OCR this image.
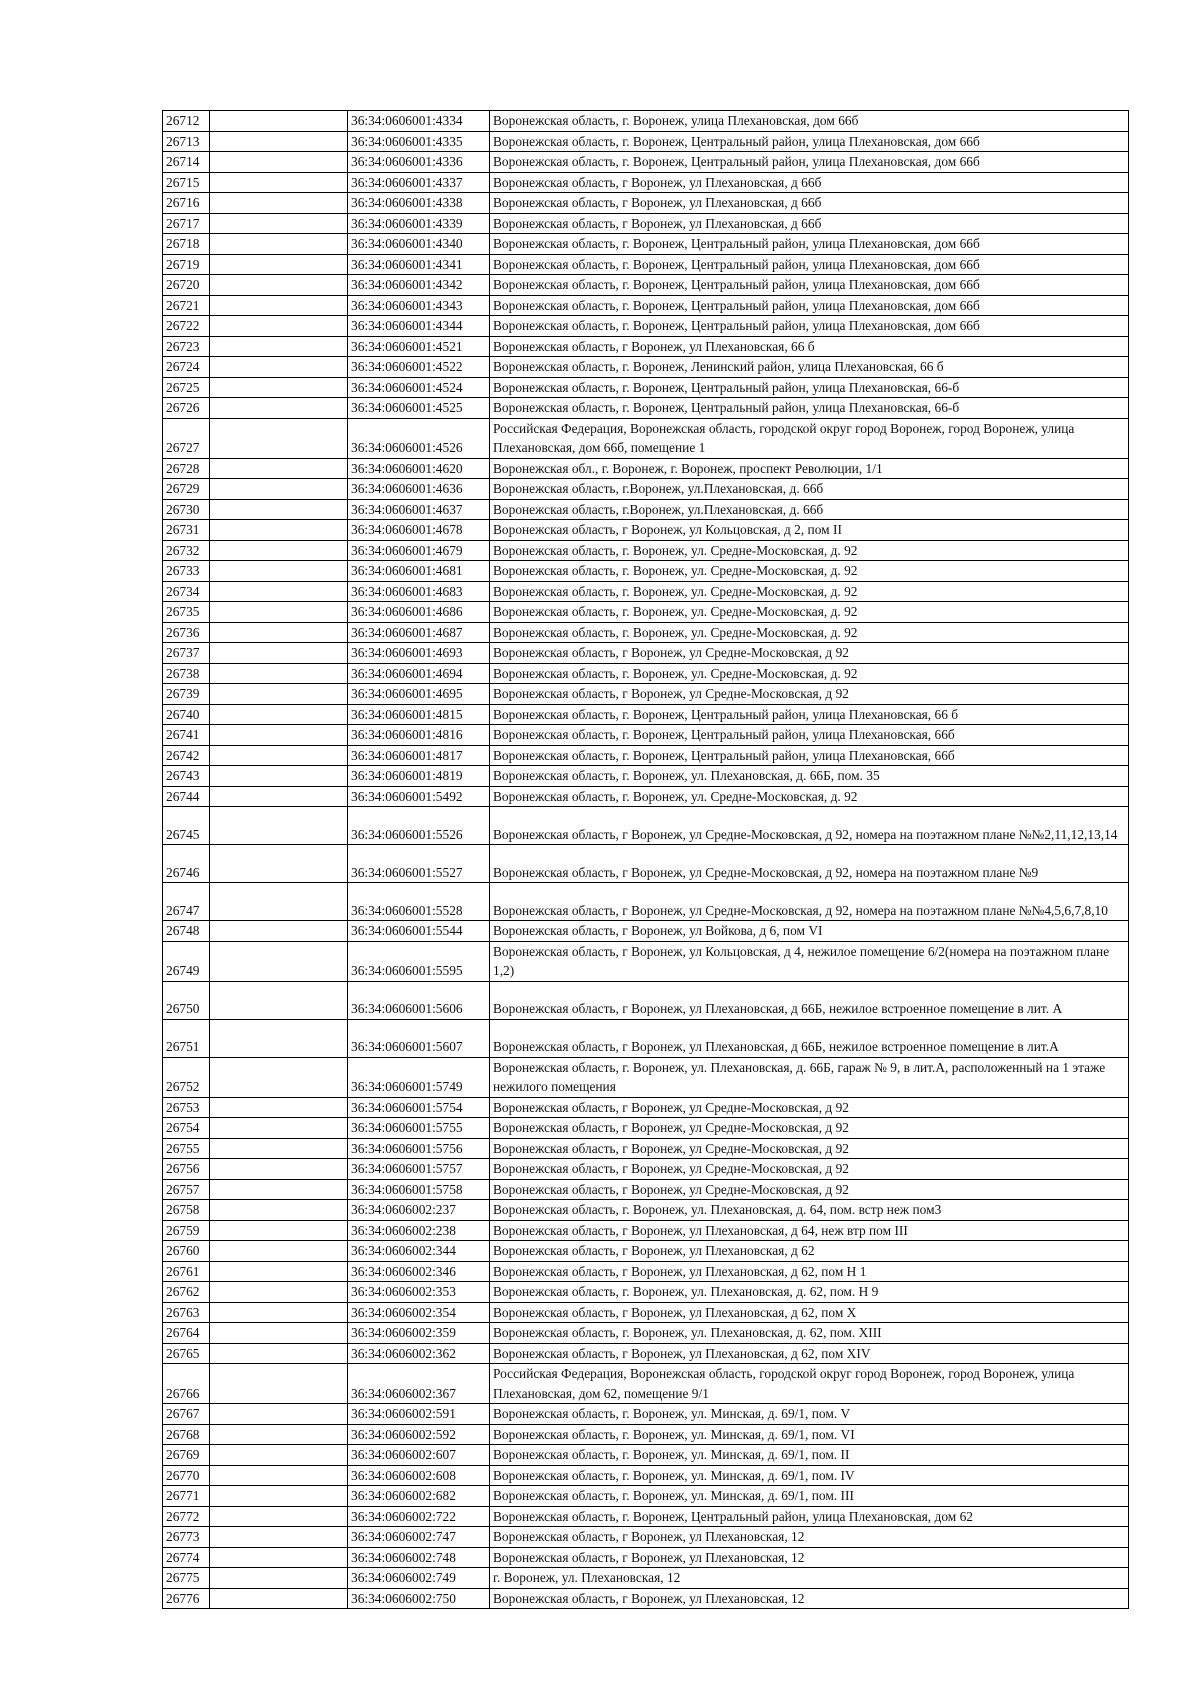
26712		36:34:0606001:4334	Воронежская область, г. Воронеж, улица Плехановская, дом 66б
26713		36:34:0606001:4335	Воронежская область, г. Воронеж, Центральный район, улица Плехановская, дом 66б
26714		36:34:0606001:4336	Воронежская область, г. Воронеж, Центральный район, улица Плехановская, дом 66б
26715		36:34:0606001:4337	Воронежская область, г Воронеж, ул Плехановская, д 66б
26716		36:34:0606001:4338	Воронежская область, г Воронеж, ул Плехановская, д 66б
26717		36:34:0606001:4339	Воронежская область, г Воронеж, ул Плехановская, д 66б
26718		36:34:0606001:4340	Воронежская область, г. Воронеж, Центральный район, улица Плехановская, дом 66б
26719		36:34:0606001:4341	Воронежская область, г. Воронеж, Центральный район, улица Плехановская, дом 66б
26720		36:34:0606001:4342	Воронежская область, г. Воронеж, Центральный район, улица Плехановская, дом 66б
26721		36:34:0606001:4343	Воронежская область, г. Воронеж, Центральный район, улица Плехановская, дом 66б
26722		36:34:0606001:4344	Воронежская область, г. Воронеж, Центральный район, улица Плехановская, дом 66б
26723		36:34:0606001:4521	Воронежская область, г Воронеж, ул Плехановская, 66 б
26724		36:34:0606001:4522	Воронежская область, г. Воронеж, Ленинский район, улица Плехановская, 66 б
26725		36:34:0606001:4524	Воронежская область, г. Воронеж, Центральный район, улица Плехановская, 66-б
26726		36:34:0606001:4525	Воронежская область, г. Воронеж, Центральный район, улица Плехановская, 66-б
26727		36:34:0606001:4526	Российская Федерация, Воронежская область, городской округ город Воронеж, город Воронеж, улица Плехановская, дом 66б, помещение 1
26728		36:34:0606001:4620	Воронежская обл., г. Воронеж, г. Воронеж, проспект Революции, 1/1
26729		36:34:0606001:4636	Воронежская область, г.Воронеж, ул.Плехановская, д. 66б
26730		36:34:0606001:4637	Воронежская область, г.Воронеж, ул.Плехановская, д. 66б
26731		36:34:0606001:4678	Воронежская область, г Воронеж, ул Кольцовская, д 2, пом II
26732		36:34:0606001:4679	Воронежская область, г. Воронеж, ул. Средне-Московская, д. 92
26733		36:34:0606001:4681	Воронежская область, г. Воронеж, ул. Средне-Московская, д. 92
26734		36:34:0606001:4683	Воронежская область, г. Воронеж, ул. Средне-Московская, д. 92
26735		36:34:0606001:4686	Воронежская область, г. Воронеж, ул. Средне-Московская, д. 92
26736		36:34:0606001:4687	Воронежская область, г. Воронеж, ул. Средне-Московская, д. 92
26737		36:34:0606001:4693	Воронежская область, г Воронеж, ул Средне-Московская, д 92
26738		36:34:0606001:4694	Воронежская область, г. Воронеж, ул. Средне-Московская, д. 92
26739		36:34:0606001:4695	Воронежская область, г Воронеж, ул Средне-Московская, д 92
26740		36:34:0606001:4815	Воронежская область, г. Воронеж, Центральный район, улица Плехановская, 66 б
26741		36:34:0606001:4816	Воронежская область, г. Воронеж, Центральный район, улица Плехановская, 66б
26742		36:34:0606001:4817	Воронежская область, г. Воронеж, Центральный район, улица Плехановская, 66б
26743		36:34:0606001:4819	Воронежская область, г. Воронеж, ул. Плехановская, д. 66Б, пом. 35
26744		36:34:0606001:5492	Воронежская область, г. Воронеж, ул. Средне-Московская, д. 92
26745		36:34:0606001:5526	Воронежская область, г Воронеж, ул Средне-Московская, д 92, номера на поэтажном плане №№2,11,12,13,14
26746		36:34:0606001:5527	Воронежская область, г Воронеж, ул Средне-Московская, д 92, номера на поэтажном плане №9
26747		36:34:0606001:5528	Воронежская область, г Воронеж, ул Средне-Московская, д 92, номера на поэтажном плане №№4,5,6,7,8,10
26748		36:34:0606001:5544	Воронежская область, г Воронеж, ул Войкова, д 6, пом VI
26749		36:34:0606001:5595	Воронежская область, г Воронеж, ул Кольцовская, д 4, нежилое помещение 6/2(номера на поэтажном плане 1,2)
26750		36:34:0606001:5606	Воронежская область, г Воронеж, ул Плехановская, д 66Б, нежилое встроенное помещение в лит. А
26751		36:34:0606001:5607	Воронежская область, г Воронеж, ул Плехановская, д 66Б, нежилое встроенное помещение в лит.А
26752		36:34:0606001:5749	Воронежская область, г. Воронеж, ул. Плехановская, д. 66Б, гараж № 9, в лит.А, расположенный на 1 этаже нежилого помещения
26753		36:34:0606001:5754	Воронежская область, г Воронеж, ул Средне-Московская, д 92
26754		36:34:0606001:5755	Воронежская область, г Воронеж, ул Средне-Московская, д 92
26755		36:34:0606001:5756	Воронежская область, г Воронеж, ул Средне-Московская, д 92
26756		36:34:0606001:5757	Воронежская область, г Воронеж, ул Средне-Московская, д 92
26757		36:34:0606001:5758	Воронежская область, г Воронеж, ул Средне-Московская, д 92
26758		36:34:0606002:237	Воронежская область, г. Воронеж, ул. Плехановская, д. 64, пом. встр неж пом3
26759		36:34:0606002:238	Воронежская область, г Воронеж, ул Плехановская, д 64, неж втр пом III
26760		36:34:0606002:344	Воронежская область, г Воронеж, ул Плехановская, д 62
26761		36:34:0606002:346	Воронежская область, г Воронеж, ул Плехановская, д 62, пом Н 1
26762		36:34:0606002:353	Воронежская область, г. Воронеж, ул. Плехановская, д. 62, пом. Н 9
26763		36:34:0606002:354	Воронежская область, г Воронеж, ул Плехановская, д 62, пом X
26764		36:34:0606002:359	Воронежская область, г. Воронеж, ул. Плехановская, д. 62, пом. XIII
26765		36:34:0606002:362	Воронежская область, г Воронеж, ул Плехановская, д 62, пом XIV
26766		36:34:0606002:367	Российская Федерация, Воронежская область, городской округ город Воронеж, город Воронеж, улица Плехановская, дом 62, помещение 9/1
26767		36:34:0606002:591	Воронежская область, г. Воронеж, ул. Минская, д. 69/1, пом. V
26768		36:34:0606002:592	Воронежская область, г. Воронеж, ул. Минская, д. 69/1, пом. VI
26769		36:34:0606002:607	Воронежская область, г. Воронеж, ул. Минская, д. 69/1, пом. II
26770		36:34:0606002:608	Воронежская область, г. Воронеж, ул. Минская, д. 69/1, пом. IV
26771		36:34:0606002:682	Воронежская область, г. Воронеж, ул. Минская, д. 69/1, пом. III
26772		36:34:0606002:722	Воронежская область, г. Воронеж, Центральный район, улица Плехановская, дом 62
26773		36:34:0606002:747	Воронежская область, г Воронеж, ул Плехановская, 12
26774		36:34:0606002:748	Воронежская область, г Воронеж, ул Плехановская, 12
26775		36:34:0606002:749	г. Воронеж, ул. Плехановская, 12
26776		36:34:0606002:750	Воронежская область, г Воронеж, ул Плехановская, 12
